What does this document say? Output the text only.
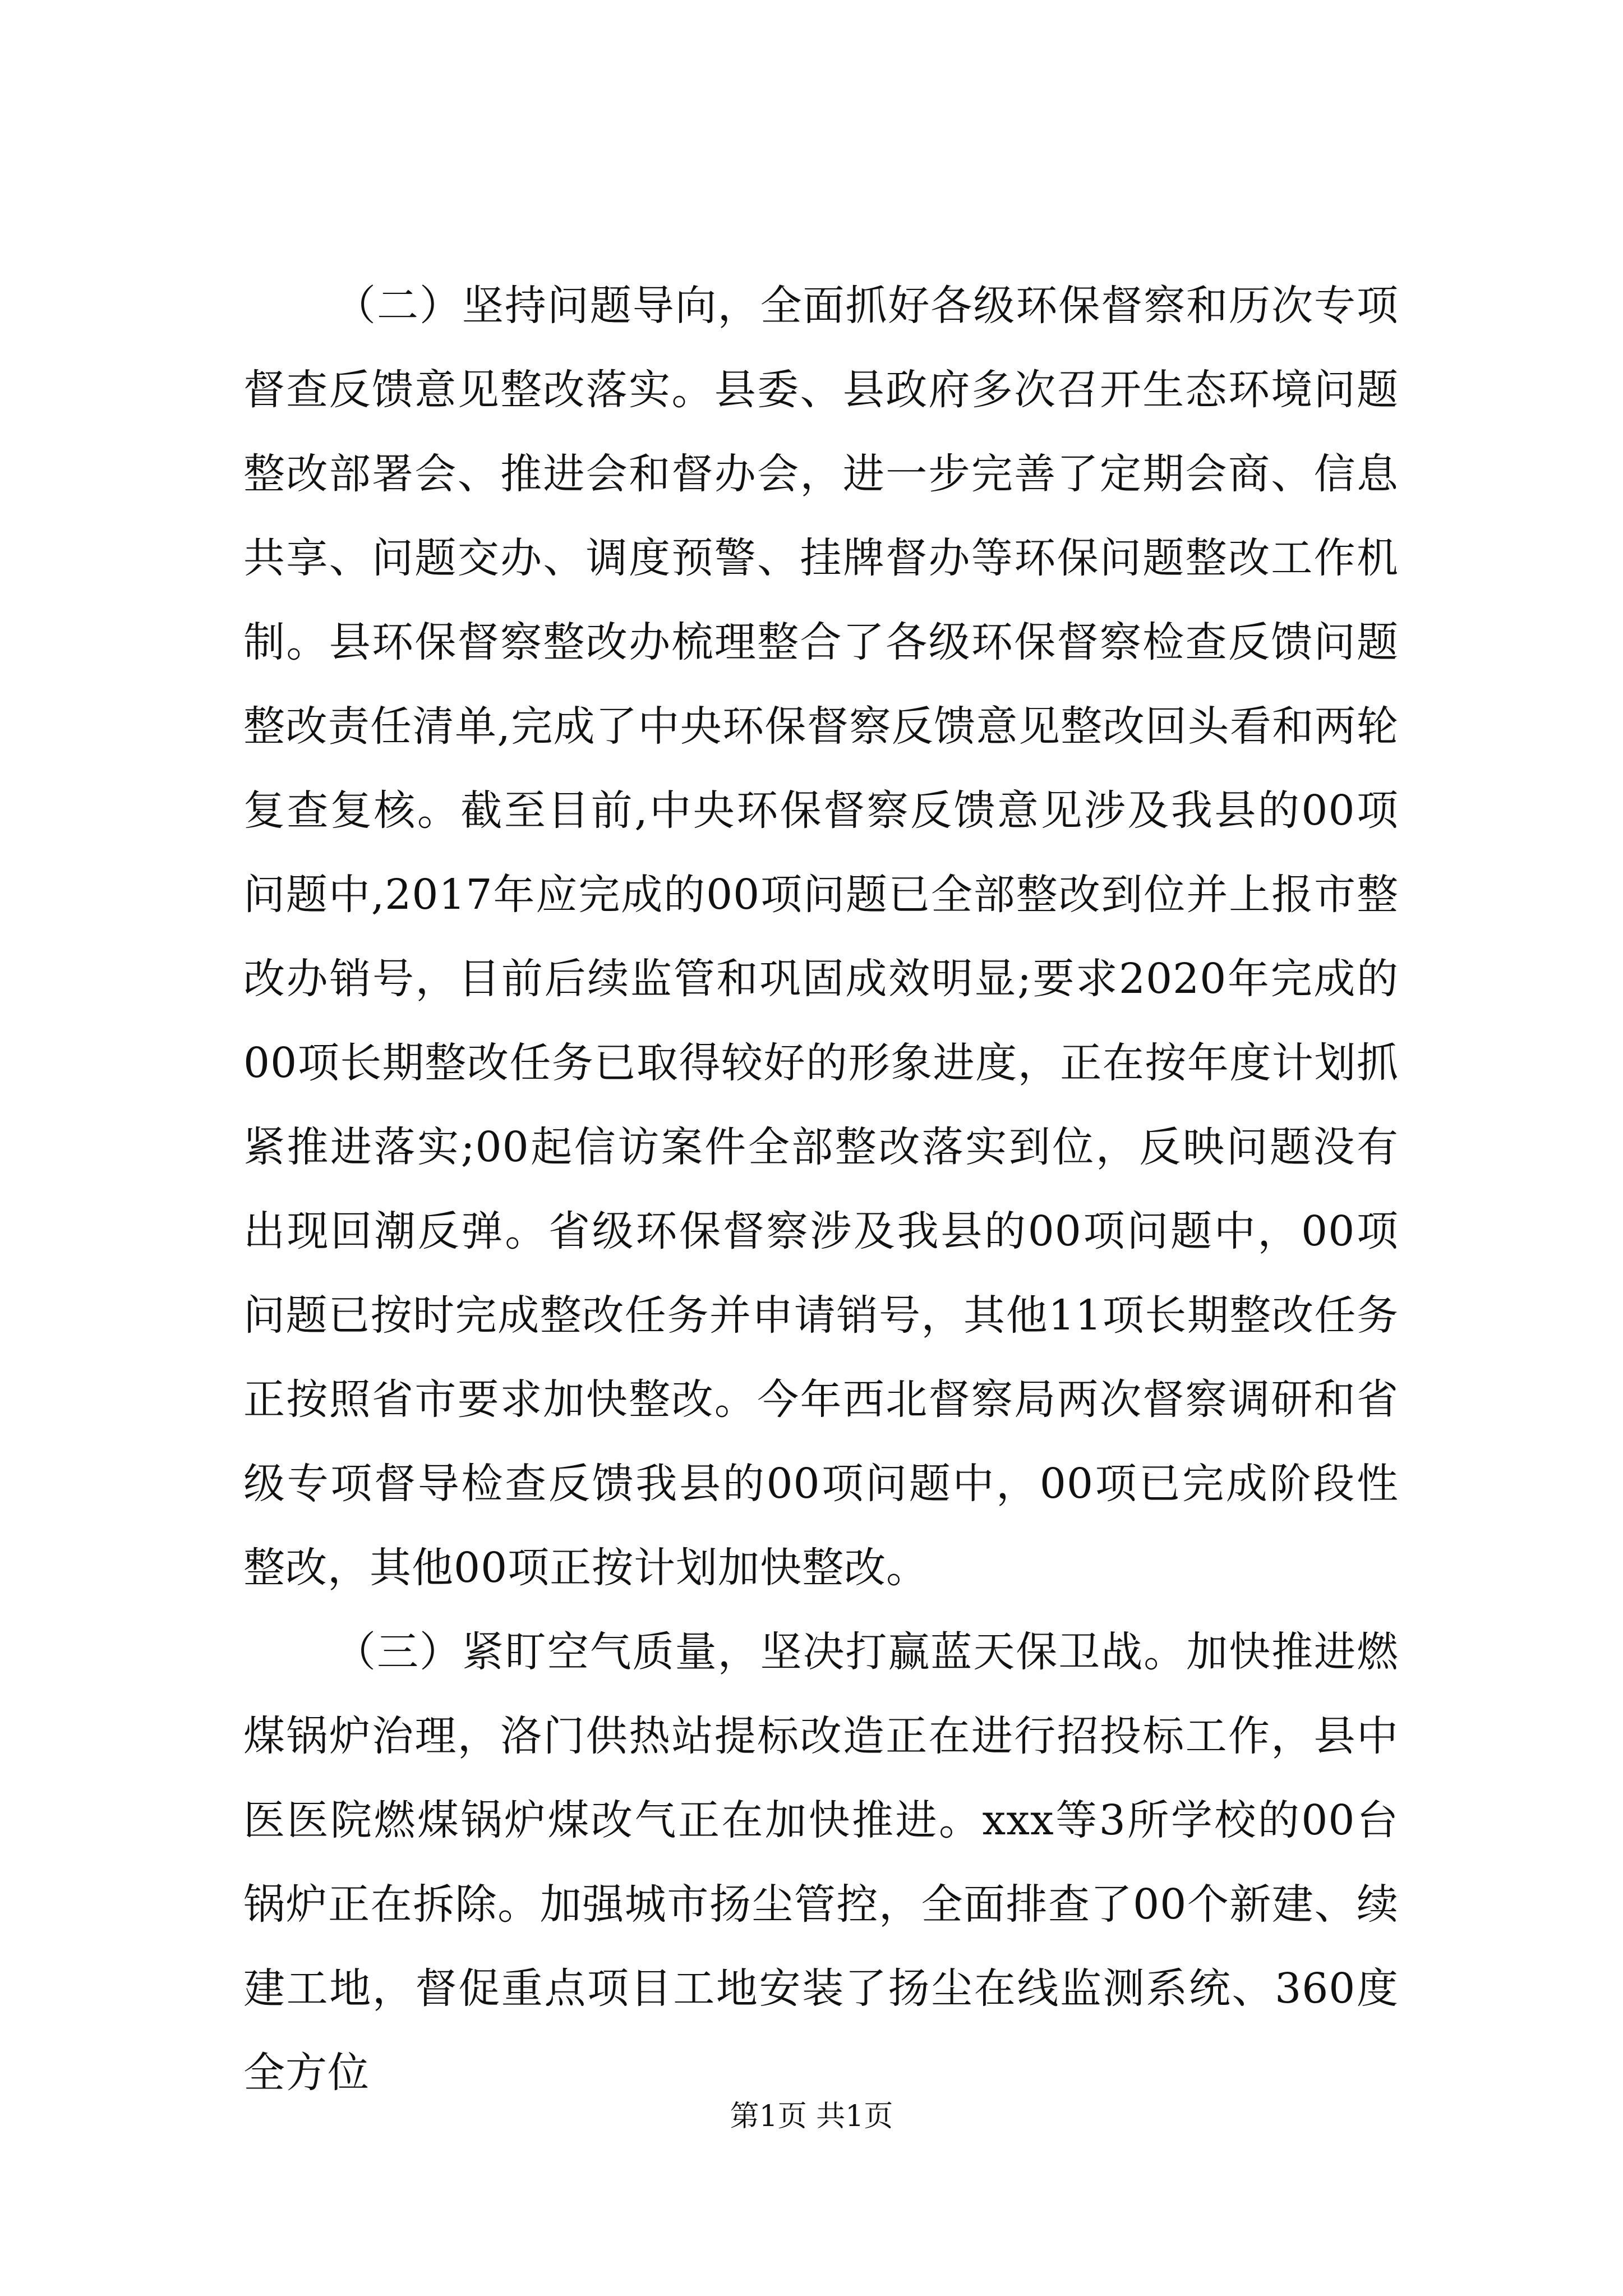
（二）坚持问题导向，全面抓好各级环保督察和历次专项督查反馈意见整改落实。县委、县政府多次召开生态环境问题整改部署会、推进会和督办会，进一步完善了定期会商、信息共享、问题交办、调度预警、挂牌督办等环保问题整改工作机制。县环保督察整改办梳理整合了各级环保督察检查反馈问题整改责任清单,完成了中央环保督察反馈意见整改回头看和两轮复查复核。截至目前,中央环保督察反馈意见涉及我县的00项问题中,2017年应完成的00项问题已全部整改到位并上报市整改办销号，目前后续监管和巩固成效明显;要求2020年完成的00项长期整改任务已取得较好的形象进度，正在按年度计划抓紧推进落实;00起信访案件全部整改落实到位，反映问题没有出现回潮反弹。省级环保督察涉及我县的00项问题中，00项问题已按时完成整改任务并申请销号，其他11项长期整改任务正按照省市要求加快整改。今年西北督察局两次督察调研和省级专项督导检查反馈我县的00项问题中，00项已完成阶段性整改，其他00项正按计划加快整改。

（三）紧盯空气质量，坚决打赢蓝天保卫战。加快推进燃煤锅炉治理，洛门供热站提标改造正在进行招投标工作，县中医医院燃煤锅炉煤改气正在加快推进。xxx等3所学校的00台锅炉正在拆除。加强城市扬尘管控，全面排查了00个新建、续建工地，督促重点项目工地安装了扬尘在线监测系统、360度全方位

第1页 共1页
